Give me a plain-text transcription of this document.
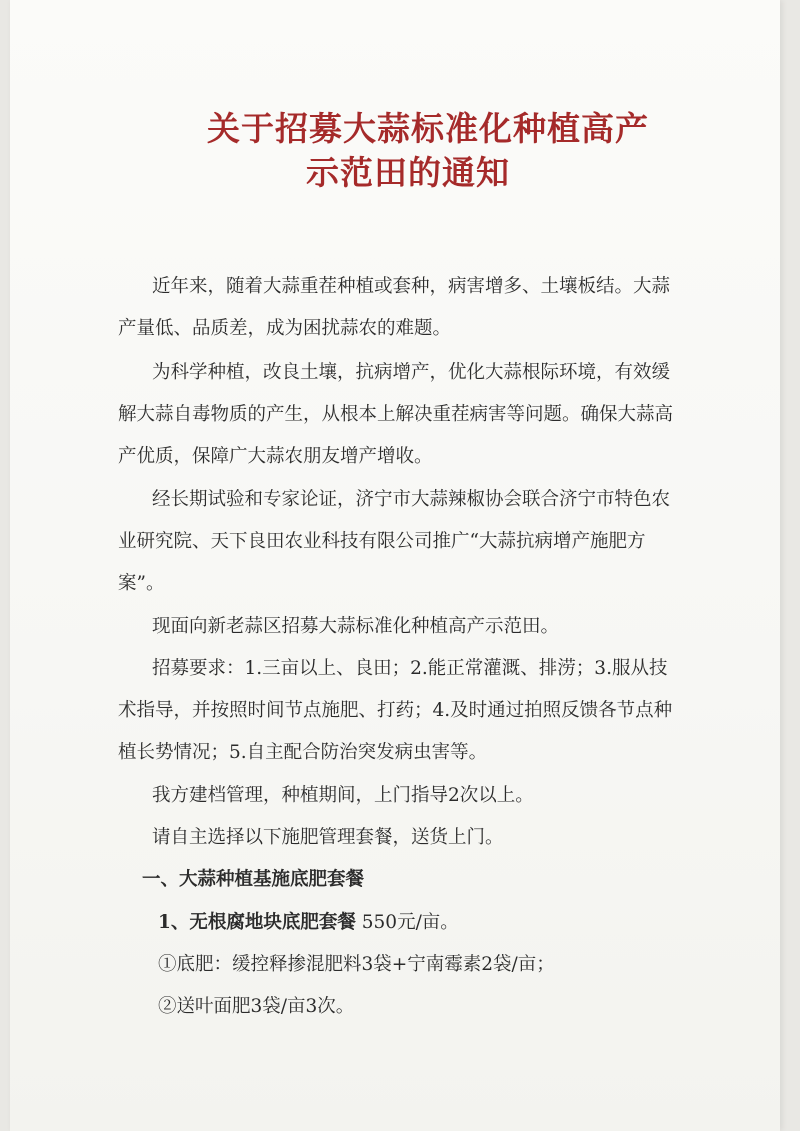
关于招募大蒜标准化种植高产
示范田的通知
近年来，随着大蒜重茬种植或套种，病害增多、土壤板结。大蒜
产量低、品质差，成为困扰蒜农的难题。
为科学种植，改良土壤，抗病增产，优化大蒜根际环境，有效缓
解大蒜自毒物质的产生，从根本上解决重茬病害等问题。确保大蒜高
产优质，保障广大蒜农朋友增产增收。
经长期试验和专家论证，济宁市大蒜辣椒协会联合济宁市特色农
业研究院、天下良田农业科技有限公司推广“大蒜抗病增产施肥方
案”。
现面向新老蒜区招募大蒜标准化种植高产示范田。
招募要求：1.三亩以上、良田；2.能正常灌溉、排涝；3.服从技
术指导，并按照时间节点施肥、打药；4.及时通过拍照反馈各节点种
植长势情况；5.自主配合防治突发病虫害等。
我方建档管理，种植期间，上门指导2次以上。
请自主选择以下施肥管理套餐，送货上门。
一、大蒜种植基施底肥套餐
1、无根腐地块底肥套餐 550元/亩。
①底肥：缓控释掺混肥料3袋+宁南霉素2袋/亩；
②送叶面肥3袋/亩3次。
